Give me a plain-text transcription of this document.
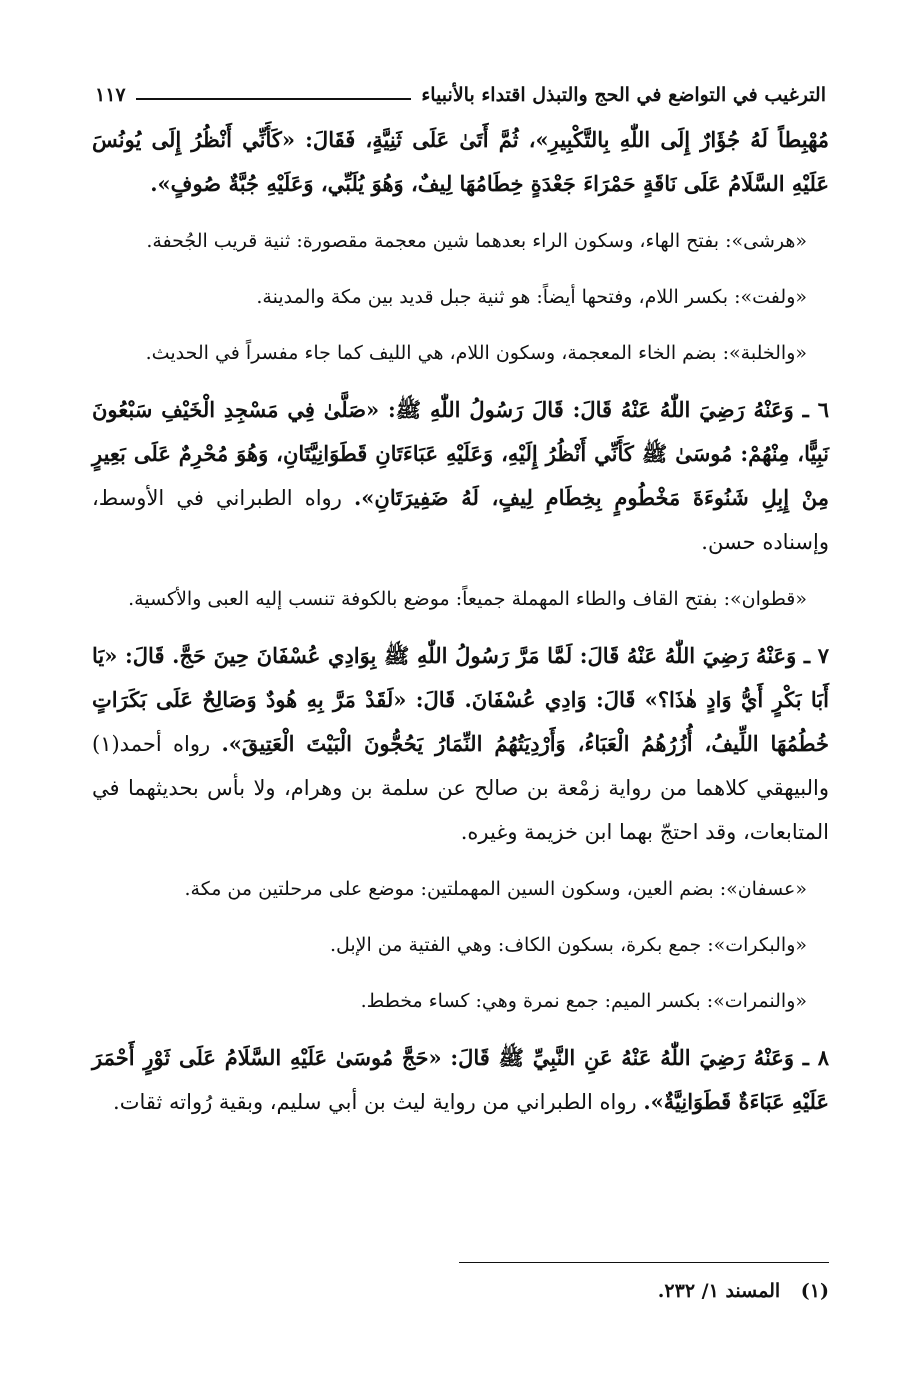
الترغيب في التواضع في الحج والتبذل اقتداء بالأنبياء
١١٧

مُهْبِطاً لَهُ جُؤَارٌ إِلَى اللّٰهِ بِالتَّكْبِيرِ»، ثُمَّ أَتَىٰ عَلَى ثَنِيَّةٍ، فَقَالَ: «كَأَنِّي أَنْظُرُ إِلَى يُونُسَ عَلَيْهِ السَّلَامُ عَلَى نَاقَةٍ حَمْرَاءَ جَعْدَةٍ خِطَامُهَا لِيفٌ، وَهُوَ يُلَبِّي، وَعَلَيْهِ جُبَّةٌ صُوفٍ».

«هرشى»: بفتح الهاء، وسكون الراء بعدهما شين معجمة مقصورة: ثنية قريب الجُحفة.

«ولفت»: بكسر اللام، وفتحها أيضاً: هو ثنية جبل قديد بين مكة والمدينة.

«والخلبة»: بضم الخاء المعجمة، وسكون اللام، هي الليف كما جاء مفسراً في الحديث.

٦ ـ وَعَنْهُ رَضِيَ اللّٰهُ عَنْهُ قَالَ: قَالَ رَسُولُ اللّٰهِ ﷺ: «صَلَّىٰ فِي مَسْجِدِ الْخَيْفِ سَبْعُونَ نَبِيًّا، مِنْهُمْ: مُوسَىٰ ﷺ كَأَنِّي أَنْظُرُ إِلَيْهِ، وَعَلَيْهِ عَبَاءَتَانِ قَطَوَانِيَّتَانِ، وَهُوَ مُحْرِمٌ عَلَى بَعِيرٍ مِنْ إِبِلِ شَنُوءَةَ مَخْطُومٍ بِخِطَامِ لِيفٍ، لَهُ ضَفِيرَتَانِ». رواه الطبراني في الأوسط، وإسناده حسن.

«قطوان»: بفتح القاف والطاء المهملة جميعاً: موضع بالكوفة تنسب إليه العبى والأكسية.

٧ ـ وَعَنْهُ رَضِيَ اللّٰهُ عَنْهُ قَالَ: لَمَّا مَرَّ رَسُولُ اللّٰهِ ﷺ بِوَادِي عُسْفَانَ حِينَ حَجَّ. قَالَ: «يَا أَبَا بَكْرٍ أَيُّ وَادٍ هٰذَا؟» قَالَ: وَادِي عُسْفَانَ. قَالَ: «لَقَدْ مَرَّ بِهِ هُودٌ وَصَالِحٌ عَلَى بَكَرَاتٍ خُطُمُهَا اللِّيفُ، أُزُرُهُمُ الْعَبَاءُ، وَأَرْدِيَتُهُمُ النِّمَارُ يَحُجُّونَ الْبَيْتَ الْعَتِيقَ». رواه أحمد(١) والبيهقي كلاهما من رواية زمْعة بن صالح عن سلمة بن وهرام، ولا بأس بحديثهما في المتابعات، وقد احتجّ بهما ابن خزيمة وغيره.

«عسفان»: بضم العين، وسكون السين المهملتين: موضع على مرحلتين من مكة.

«والبكرات»: جمع بكرة، بسكون الكاف: وهي الفتية من الإبل.

«والنمرات»: بكسر الميم: جمع نمرة وهي: كساء مخطط.

٨ ـ وَعَنْهُ رَضِيَ اللّٰهُ عَنْهُ عَنِ النَّبِيِّ ﷺ قَالَ: «حَجَّ مُوسَىٰ عَلَيْهِ السَّلَامُ عَلَى ثَوْرٍ أَحْمَرَ عَلَيْهِ عَبَاءَةٌ قَطَوَانِيَّةٌ». رواه الطبراني من رواية ليث بن أبي سليم، وبقية رُواته ثقات.

(١) المسند ١/ ٢٣٢.
